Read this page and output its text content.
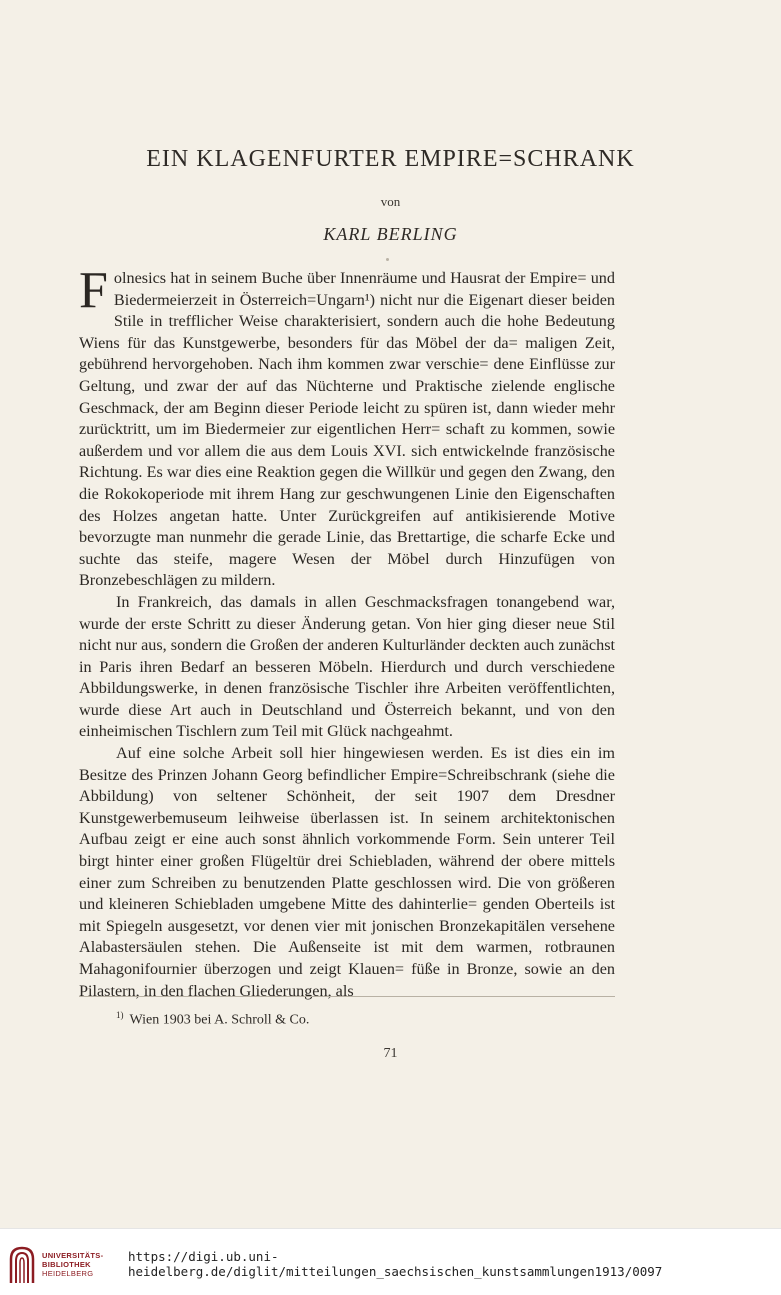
EIN KLAGENFURTER EMPIRE=SCHRANK
von
KARL BERLING

Folnesics hat in seinem Buche über Innenräume und Hausrat der Empire= und Biedermeierzeit in Österreich=Ungarn¹) nicht nur die Eigenart dieser beiden Stile in trefflicher Weise charakterisiert, sondern auch die hohe Bedeutung Wiens für das Kunstgewerbe, besonders für das Möbel der da= maligen Zeit, gebührend hervorgehoben. Nach ihm kommen zwar verschie= dene Einflüsse zur Geltung, und zwar der auf das Nüchterne und Praktische zielende englische Geschmack, der am Beginn dieser Periode leicht zu spüren ist, dann wieder mehr zurücktritt, um im Biedermeier zur eigentlichen Herr= schaft zu kommen, sowie außerdem und vor allem die aus dem Louis XVI. sich entwickelnde französische Richtung. Es war dies eine Reaktion gegen die Willkür und gegen den Zwang, den die Rokokoperiode mit ihrem Hang zur geschwungenen Linie den Eigenschaften des Holzes angetan hatte. Unter Zurückgreifen auf antikisierende Motive bevorzugte man nunmehr die gerade Linie, das Brettartige, die scharfe Ecke und suchte das steife, magere Wesen der Möbel durch Hinzufügen von Bronzebeschlägen zu mildern.

In Frankreich, das damals in allen Geschmacksfragen tonangebend war, wurde der erste Schritt zu dieser Änderung getan. Von hier ging dieser neue Stil nicht nur aus, sondern die Großen der anderen Kulturländer deckten auch zunächst in Paris ihren Bedarf an besseren Möbeln. Hierdurch und durch verschiedene Abbildungswerke, in denen französische Tischler ihre Arbeiten veröffentlichten, wurde diese Art auch in Deutschland und Österreich bekannt, und von den einheimischen Tischlern zum Teil mit Glück nachgeahmt.

Auf eine solche Arbeit soll hier hingewiesen werden. Es ist dies ein im Besitze des Prinzen Johann Georg befindlicher Empire=Schreibschrank (siehe die Abbildung) von seltener Schönheit, der seit 1907 dem Dresdner Kunstgewerbemuseum leihweise überlassen ist. In seinem architektonischen Aufbau zeigt er eine auch sonst ähnlich vorkommende Form. Sein unterer Teil birgt hinter einer großen Flügeltür drei Schiebladen, während der obere mittels einer zum Schreiben zu benutzenden Platte geschlossen wird. Die von größeren und kleineren Schiebladen umgebene Mitte des dahinterlie= genden Oberteils ist mit Spiegeln ausgesetzt, vor denen vier mit jonischen Bronzekapitälen versehene Alabastersäulen stehen. Die Außenseite ist mit dem warmen, rotbraunen Mahagonifournier überzogen und zeigt Klauen= füße in Bronze, sowie an den Pilastern, in den flachen Gliederungen, als

$^{1)}$ Wien 1903 bei A. Schroll & Co.
71
UNIVERSITÄTS-
BIBLIOTHEK
HEIDELBERG
https://digi.ub.uni-heidelberg.de/diglit/mitteilungen_saechsischen_kunstsammlungen1913/0097
